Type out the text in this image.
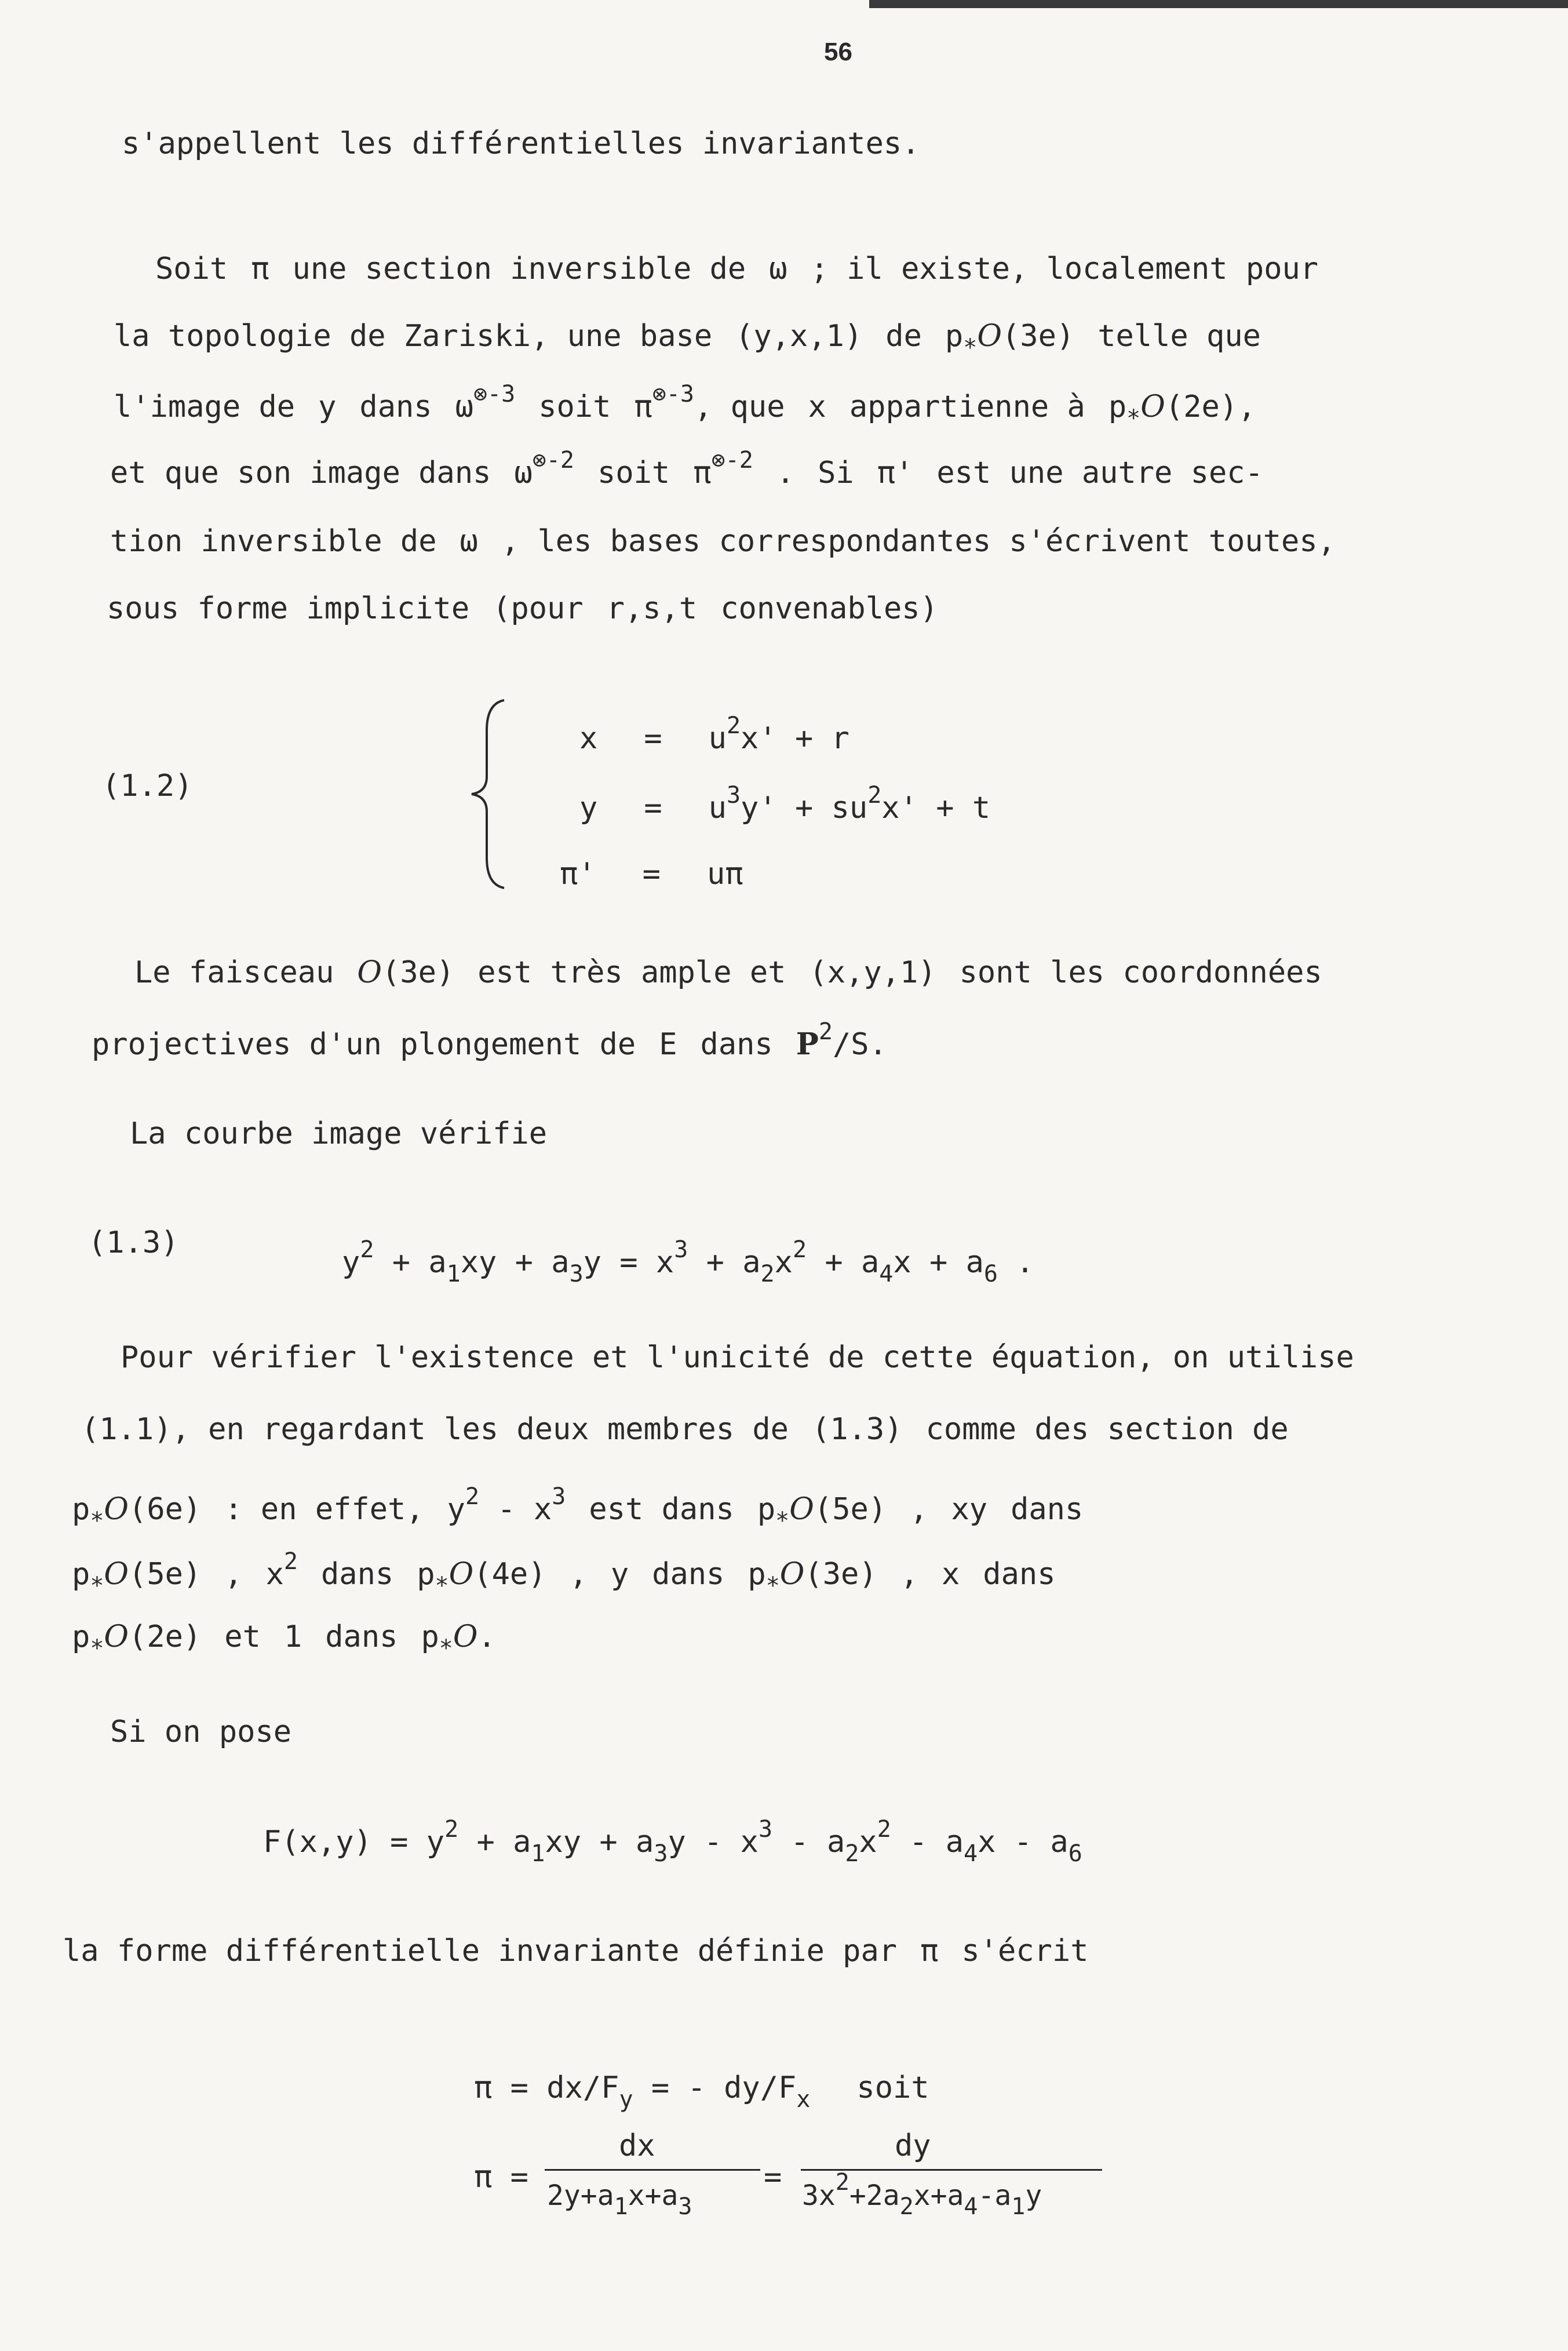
56
s'appellent les différentielles invariantes.
Soit π une section inversible de ω ; il existe, localement pour
la topologie de Zariski, une base (y,x,1) de $p_*O(3e)$ telle que
l'image de y dans $\omega^{\otimes-3}$ soit $\pi^{\otimes-3}$, que x appartienne à $p_*O(2e)$,
et que son image dans $\omega^{\otimes-2}$ soit $\pi^{\otimes-2}$ . Si π' est une autre sec-
tion inversible de ω , les bases correspondantes s'écrivent toutes,
sous forme implicite (pour r,s,t convenables)
(1.2)
$x = u^2x' + r$
$y = u^3y' + su^2x' + t$
π' = uπ
Le faisceau O(3e) est très ample et (x,y,1) sont les coordonnées
projectives d'un plongement de E dans $P^2/S$.
La courbe image vérifie
(1.3)
$y^2 + a_1xy + a_3y = x^3 + a_2x^2 + a_4x + a_6$ .
Pour vérifier l'existence et l'unicité de cette équation, on utilise
(1.1), en regardant les deux membres de (1.3) comme des section de
$p_*O(6e)$ : en effet, $y^2 - x^3$ est dans $p_*O(5e)$ , xy dans
$p_*O(5e)$ , $x^2$ dans $p_*O(4e)$ , y dans $p_*O(3e)$ , x dans
$p_*O(2e)$ et 1 dans $p_*O$.
Si on pose
$F(x,y) = y^2 + a_1xy + a_3y - x^3 - a_2x^2 - a_4x - a_6$
la forme différentielle invariante définie par π s'écrit
$\pi = dx/F_y$ = - $dy/F_x$ soit
π =
dx
$2y+a_1x+a_3$
=
dy
$3x^2+2a_2x+a_4-a_1y$
